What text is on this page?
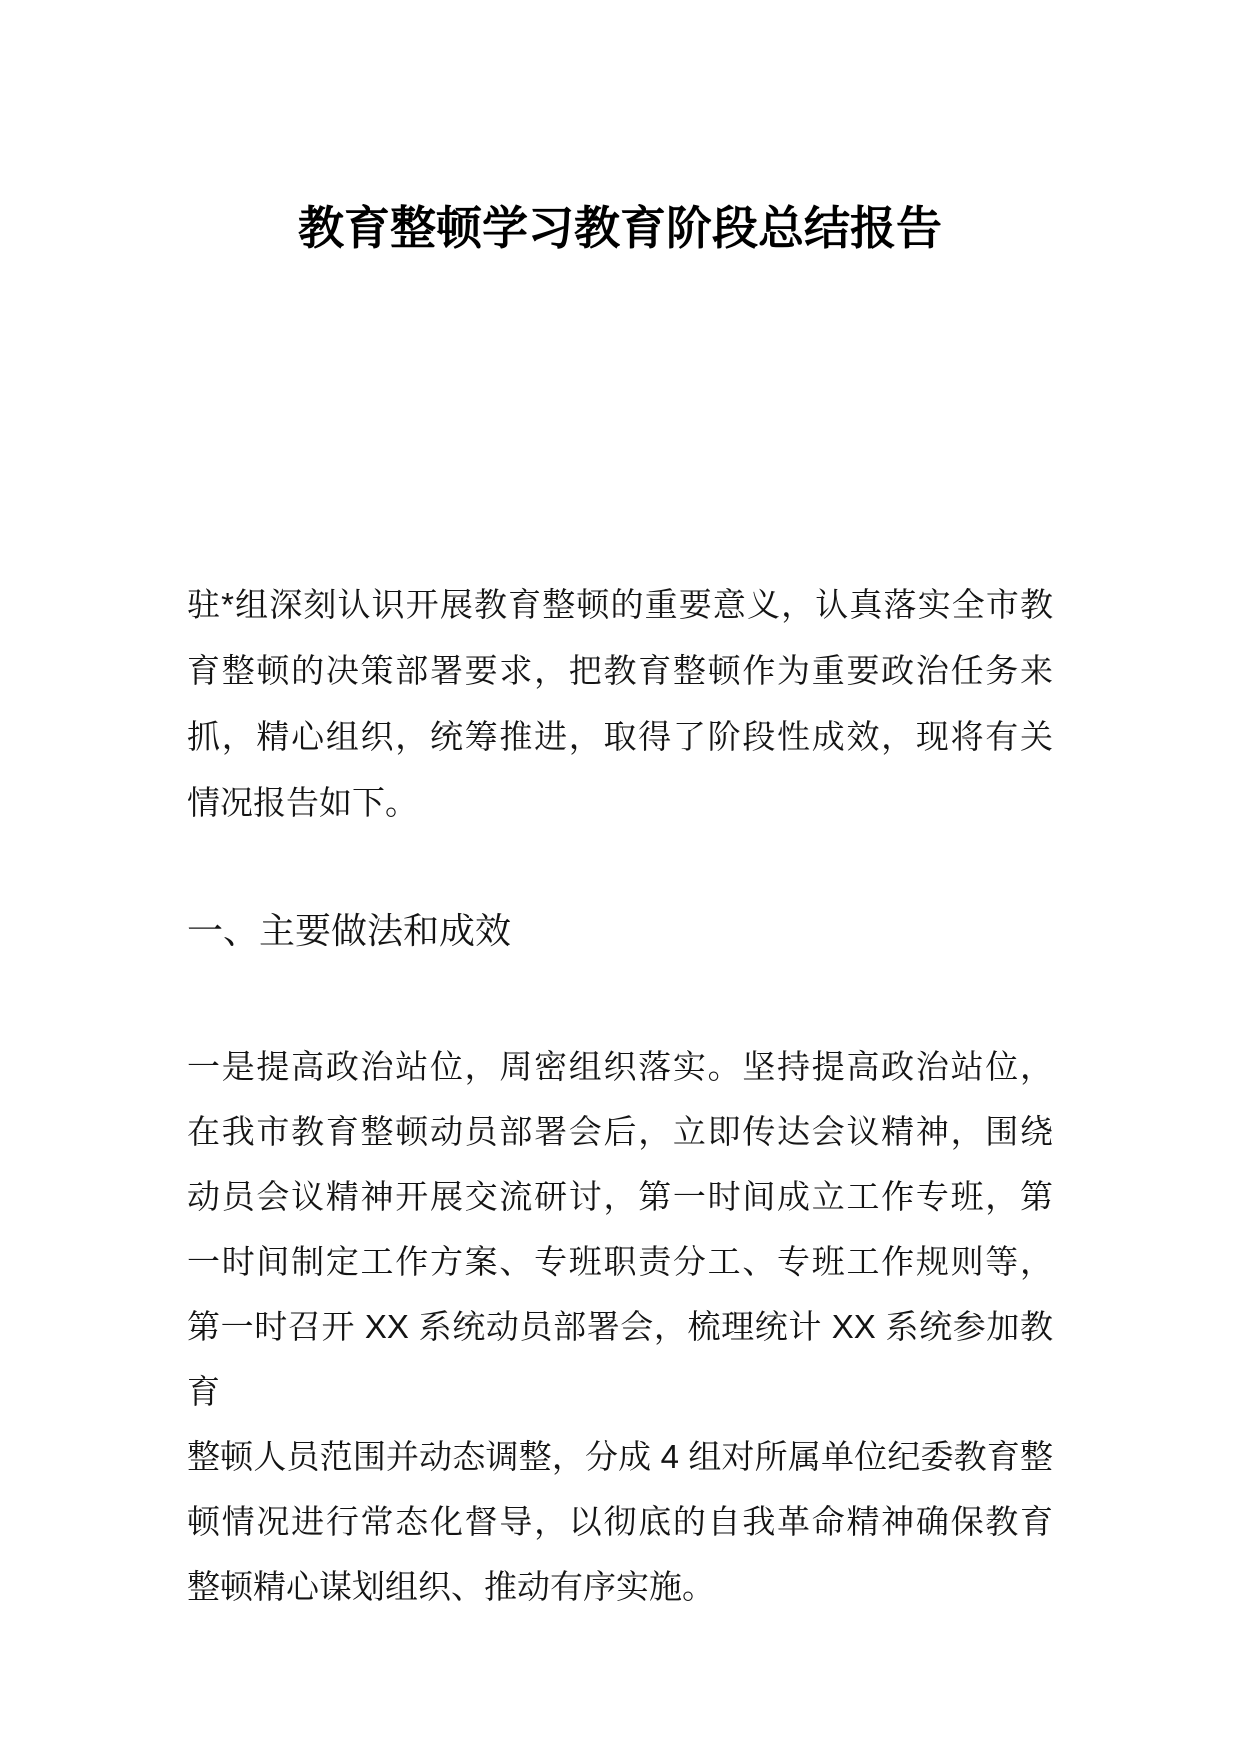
教育整顿学习教育阶段总结报告
驻*组深刻认识开展教育整顿的重要意义，认真落实全市教
育整顿的决策部署要求，把教育整顿作为重要政治任务来
抓，精心组织，统筹推进，取得了阶段性成效，现将有关
情况报告如下。
一、主要做法和成效
一是提高政治站位，周密组织落实。坚持提高政治站位，
在我市教育整顿动员部署会后，立即传达会议精神，围绕
动员会议精神开展交流研讨，第一时间成立工作专班，第
一时间制定工作方案、专班职责分工、专班工作规则等，
第一时召开 XX 系统动员部署会，梳理统计 XX 系统参加教育
整顿人员范围并动态调整，分成 4 组对所属单位纪委教育整
顿情况进行常态化督导，以彻底的自我革命精神确保教育
整顿精心谋划组织、推动有序实施。
